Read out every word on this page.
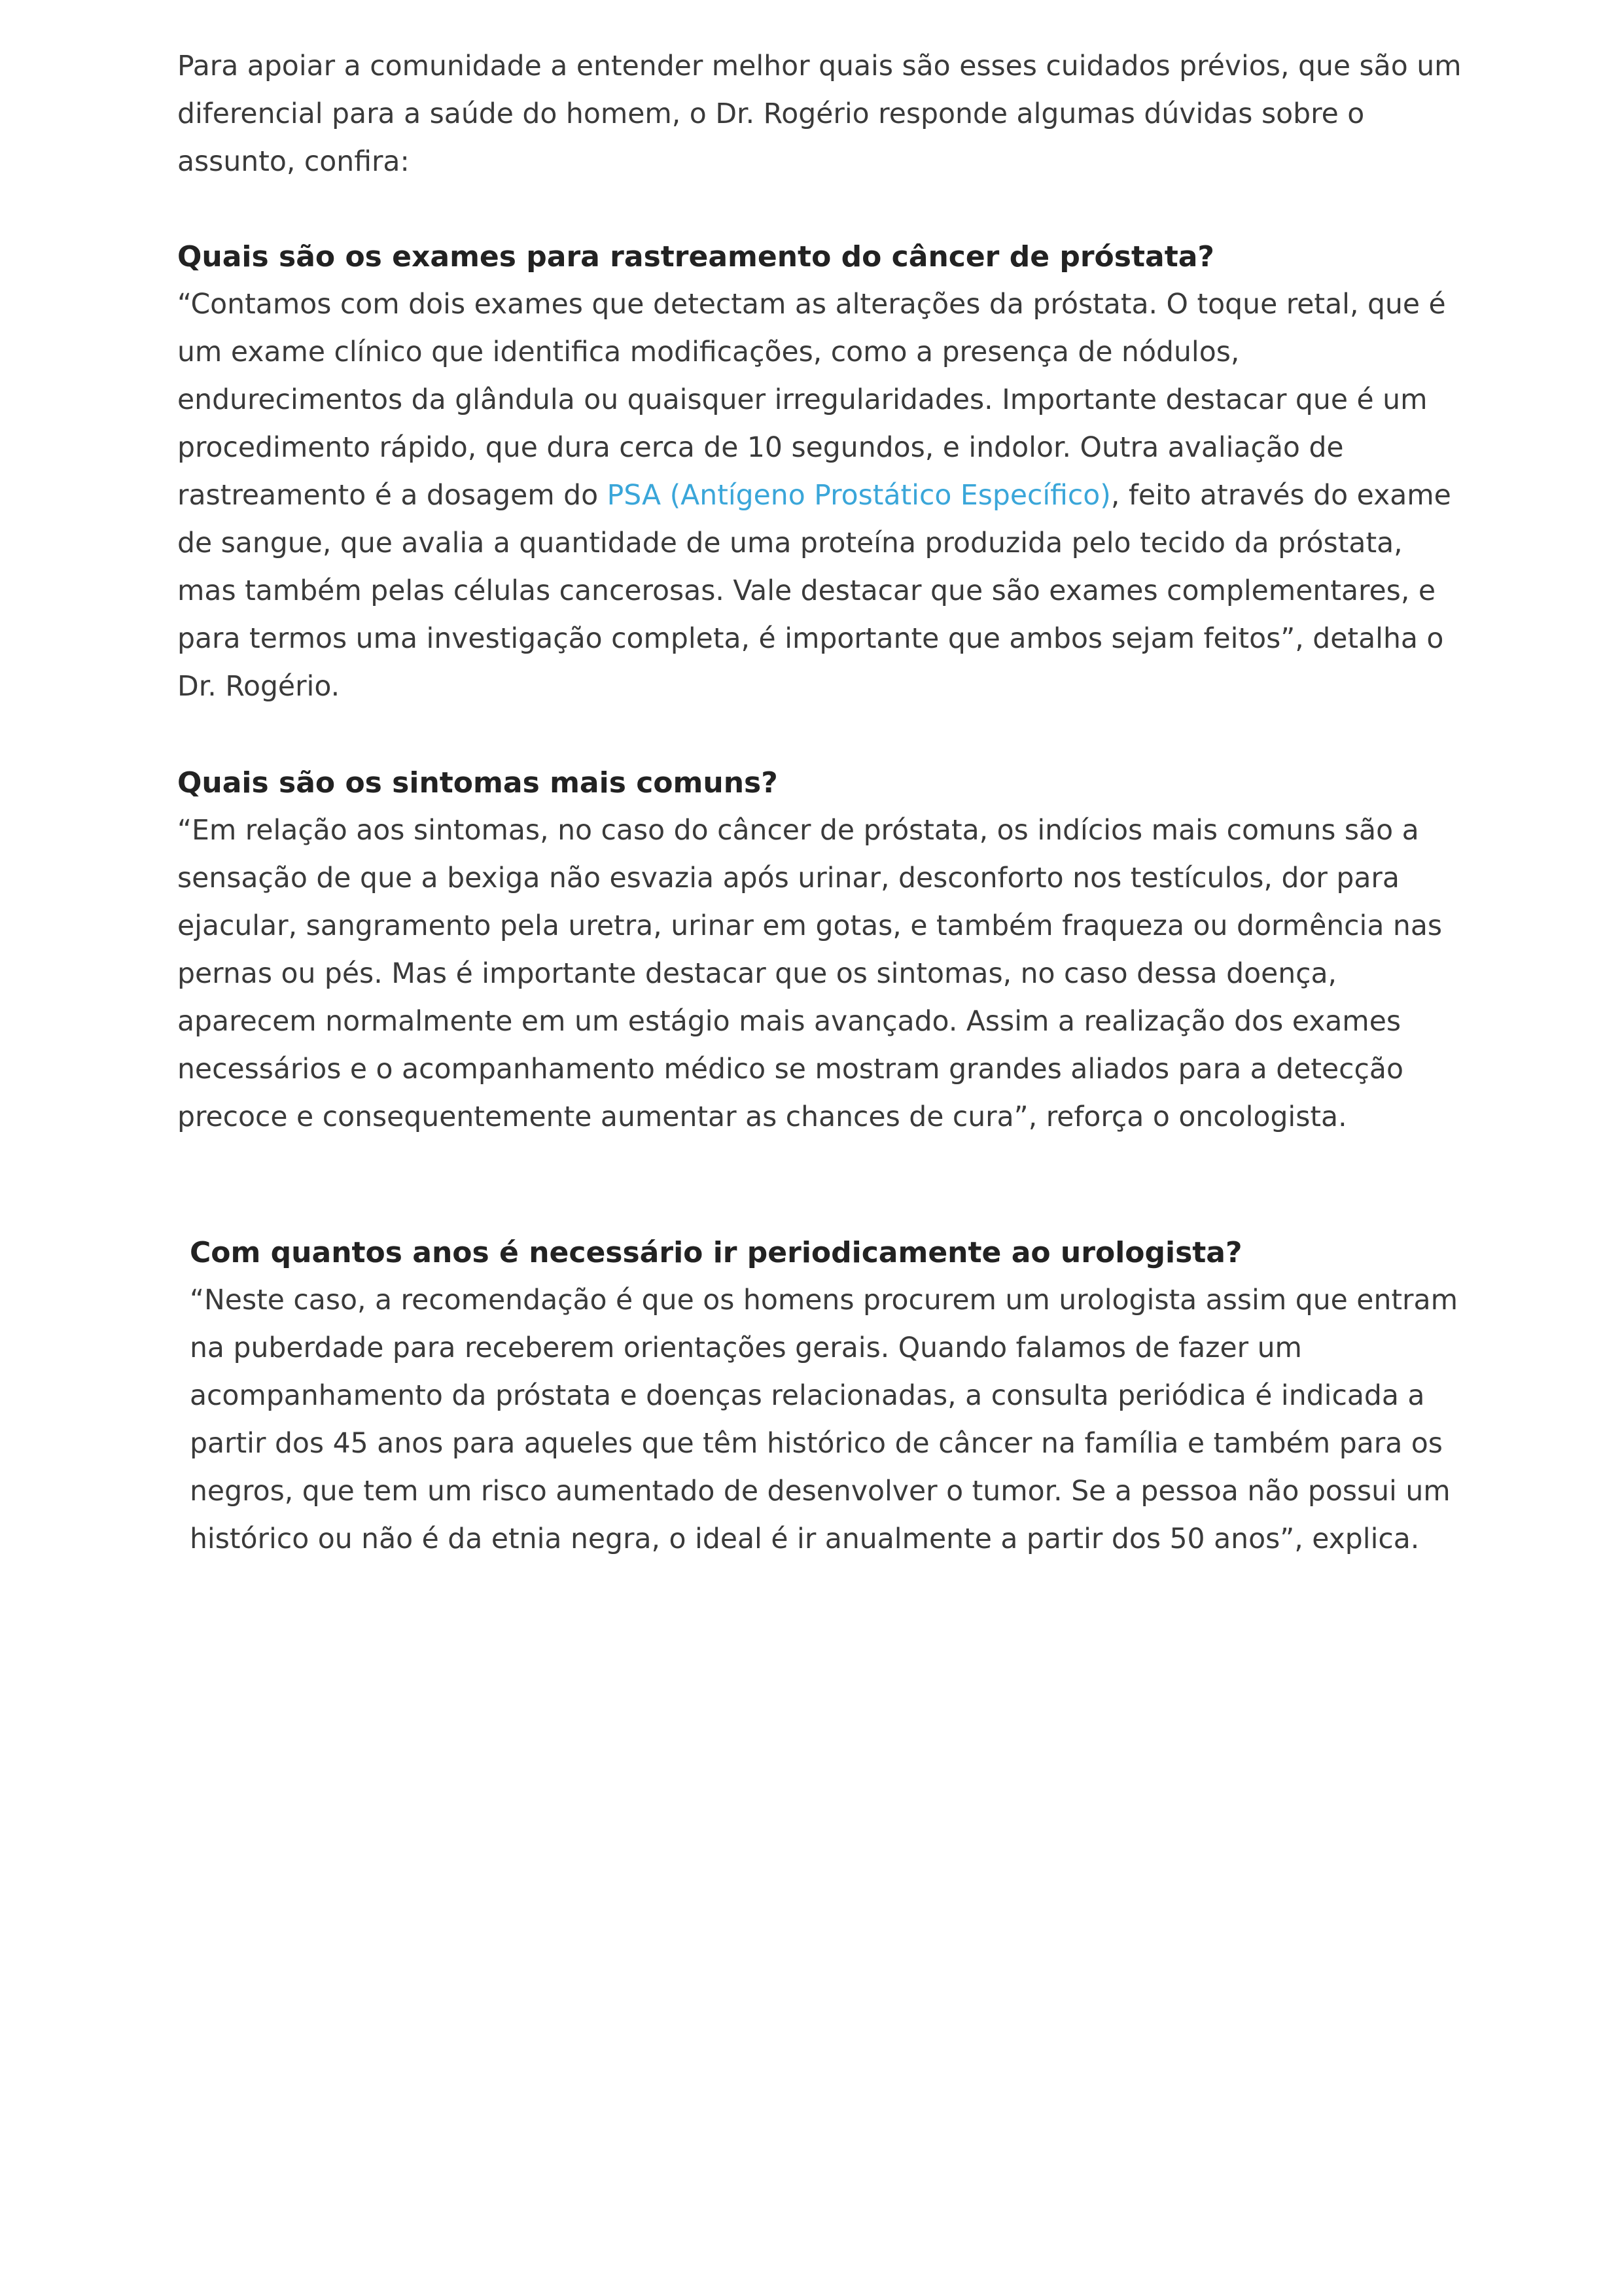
Para apoiar a comunidade a entender melhor quais são esses cuidados prévios, que são um
diferencial para a saúde do homem, o Dr. Rogério responde algumas dúvidas sobre o
assunto, confira:

Quais são os exames para rastreamento do câncer de próstata?

“Contamos com dois exames que detectam as alterações da próstata. O toque retal, que é
um exame clínico que identifica modificações, como a presença de nódulos,
endurecimentos da glândula ou quaisquer irregularidades. Importante destacar que é um
procedimento rápido, que dura cerca de 10 segundos, e indolor. Outra avaliação de
rastreamento é a dosagem do PSA (Antígeno Prostático Específico), feito através do exame
de sangue, que avalia a quantidade de uma proteína produzida pelo tecido da próstata,
mas também pelas células cancerosas. Vale destacar que são exames complementares, e
para termos uma investigação completa, é importante que ambos sejam feitos”, detalha o
Dr. Rogério.

Quais são os sintomas mais comuns?

“Em relação aos sintomas, no caso do câncer de próstata, os indícios mais comuns são a
sensação de que a bexiga não esvazia após urinar, desconforto nos testículos, dor para
ejacular, sangramento pela uretra, urinar em gotas, e também fraqueza ou dormência nas
pernas ou pés. Mas é importante destacar que os sintomas, no caso dessa doença,
aparecem normalmente em um estágio mais avançado. Assim a realização dos exames
necessários e o acompanhamento médico se mostram grandes aliados para a detecção
precoce e consequentemente aumentar as chances de cura”, reforça o oncologista.

Com quantos anos é necessário ir periodicamente ao urologista?

“Neste caso, a recomendação é que os homens procurem um urologista assim que entram
na puberdade para receberem orientações gerais. Quando falamos de fazer um
acompanhamento da próstata e doenças relacionadas, a consulta periódica é indicada a
partir dos 45 anos para aqueles que têm histórico de câncer na família e também para os
negros, que tem um risco aumentado de desenvolver o tumor. Se a pessoa não possui um
histórico ou não é da etnia negra, o ideal é ir anualmente a partir dos 50 anos”, explica.
